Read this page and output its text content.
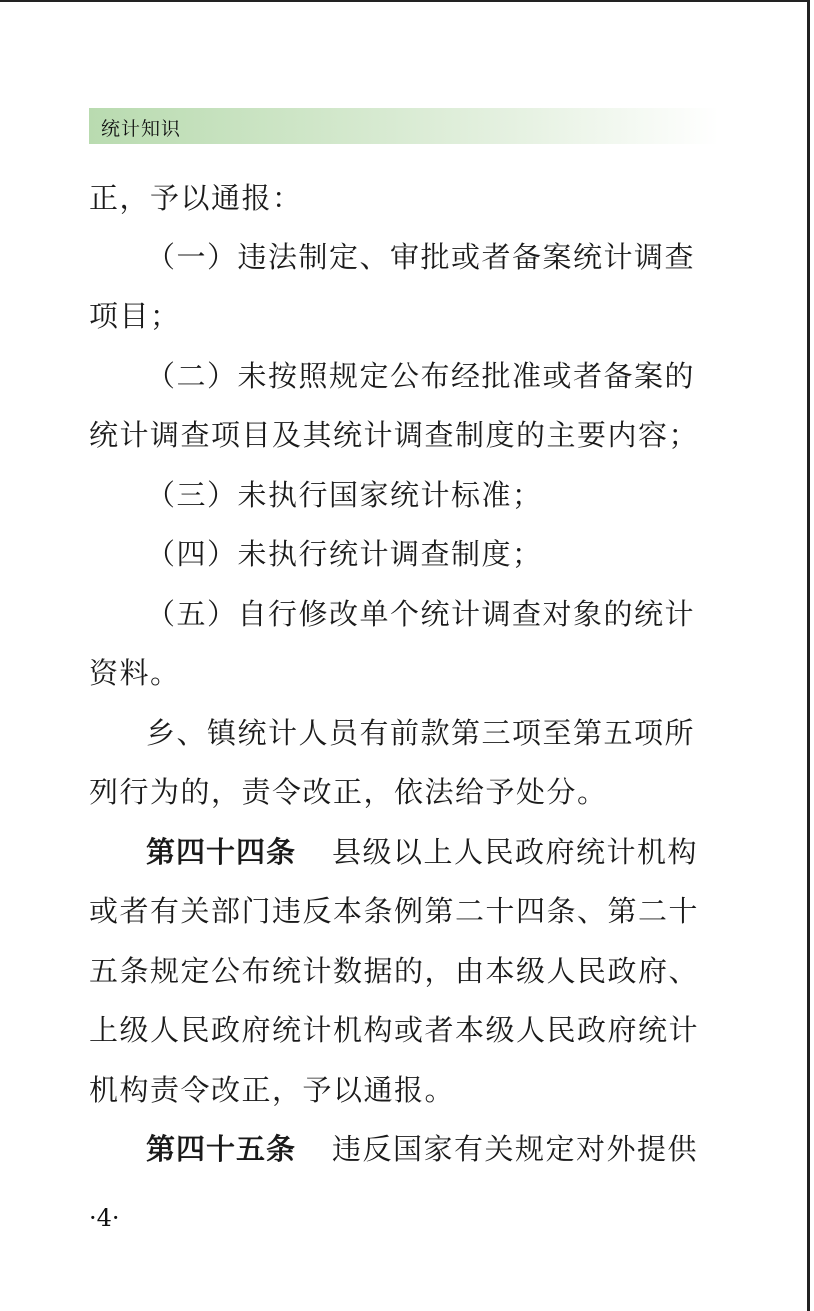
统计知识
正，予以通报：
（一）违法制定、审批或者备案统计调查
项目；
（二）未按照规定公布经批准或者备案的
统计调查项目及其统计调查制度的主要内容；
（三）未执行国家统计标准；
（四）未执行统计调查制度；
（五）自行修改单个统计调查对象的统计
资料。
乡、镇统计人员有前款第三项至第五项所
列行为的，责令改正，依法给予处分。
第四十四条 县级以上人民政府统计机构
或者有关部门违反本条例第二十四条、第二十
五条规定公布统计数据的，由本级人民政府、
上级人民政府统计机构或者本级人民政府统计
机构责令改正，予以通报。
第四十五条 违反国家有关规定对外提供
·4·
